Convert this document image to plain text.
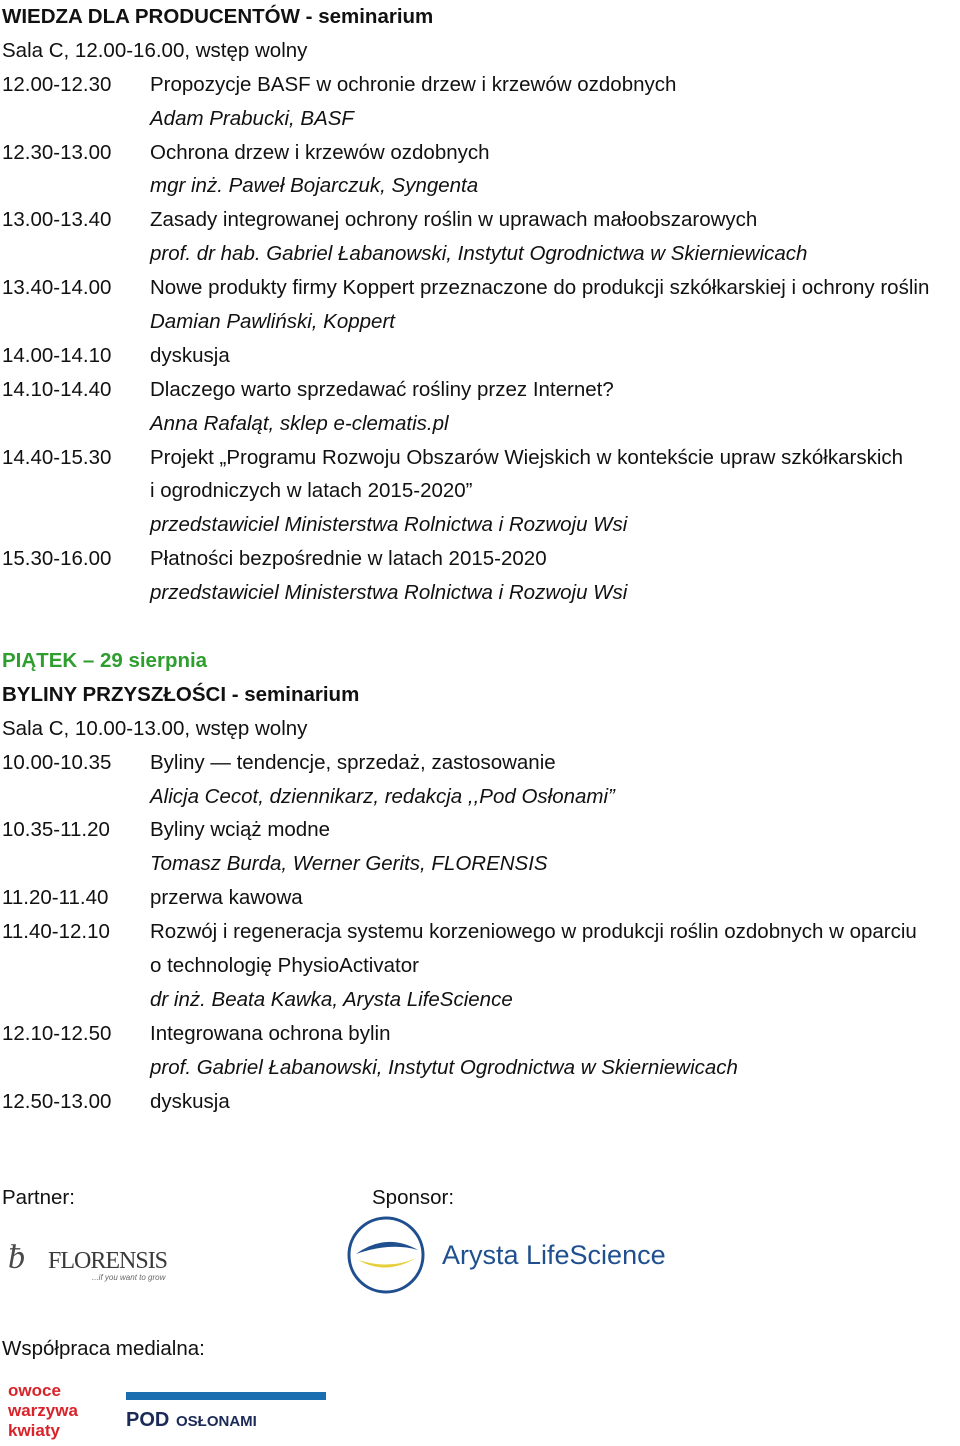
WIEDZA DLA PRODUCENTÓW - seminarium
Sala C, 12.00-16.00, wstęp wolny
12.00-12.30	Propozycje BASF w ochronie drzew i krzewów ozdobnych
Adam Prabucki, BASF
12.30-13.00	Ochrona drzew i krzewów ozdobnych
mgr inż. Paweł Bojarczuk, Syngenta
13.00-13.40	Zasady integrowanej ochrony roślin w uprawach małoobszarowych
prof. dr hab. Gabriel Łabanowski, Instytut Ogrodnictwa w Skierniewicach
13.40-14.00	Nowe produkty firmy Koppert przeznaczone do produkcji szkółkarskiej i ochrony roślin
Damian Pawliński, Koppert
14.00-14.10	dyskusja
14.10-14.40	Dlaczego warto sprzedawać rośliny przez Internet?
Anna Rafaląt, sklep e-clematis.pl
14.40-15.30	Projekt „Programu Rozwoju Obszarów Wiejskich w kontekście upraw szkółkarskich
i ogrodniczych w latach 2015-2020”
przedstawiciel Ministerstwa Rolnictwa i Rozwoju Wsi
15.30-16.00	Płatności bezpośrednie w latach 2015-2020
przedstawiciel Ministerstwa Rolnictwa i Rozwoju Wsi
PIĄTEK – 29 sierpnia
BYLINY PRZYSZŁOŚCI - seminarium
Sala C, 10.00-13.00, wstęp wolny
10.00-10.35	Byliny — tendencje, sprzedaż, zastosowanie
Alicja Cecot, dziennikarz, redakcja ,,Pod Osłonami”
10.35-11.20	Byliny wciąż modne
Tomasz Burda, Werner Gerits, FLORENSIS
11.20-11.40	przerwa kawowa
11.40-12.10	Rozwój i regeneracja systemu korzeniowego w produkcji roślin ozdobnych w oparciu
o technologię PhysioActivator
dr inż. Beata Kawka, Arysta LifeScience
12.10-12.50	Integrowana ochrona bylin
prof. Gabriel Łabanowski, Instytut Ogrodnictwa w Skierniewicach
12.50-13.00	dyskusja
Partner:	Sponsor:
Współpraca medialna:
ƀ FLORENSIS
...if you want to grow
Arysta LifeScience
owoce
warzywa
kwiaty	POD OSŁONAMI
